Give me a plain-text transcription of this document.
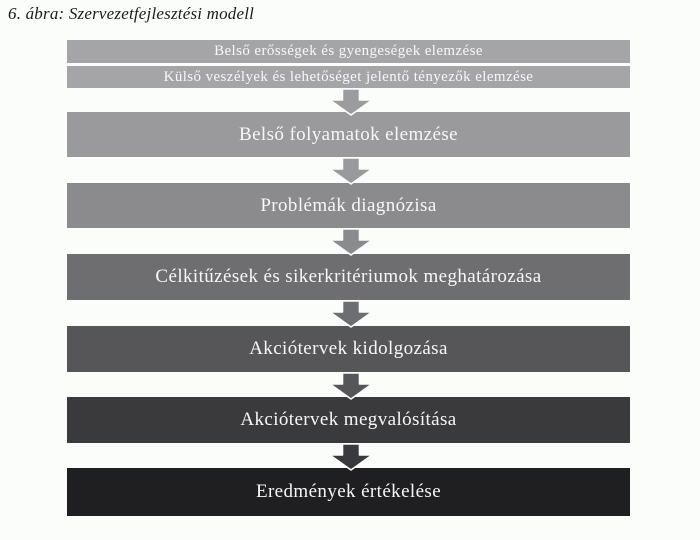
6. ábra: Szervezetfejlesztési modell
Belső erősségek és gyengeségek elemzése
Külső veszélyek és lehetőséget jelentő tényezők elemzése
Belső folyamatok elemzése
Problémák diagnózisa
Célkitűzések és sikerkritériumok meghatározása
Akciótervek kidolgozása
Akciótervek megvalósítása
Eredmények értékelése
